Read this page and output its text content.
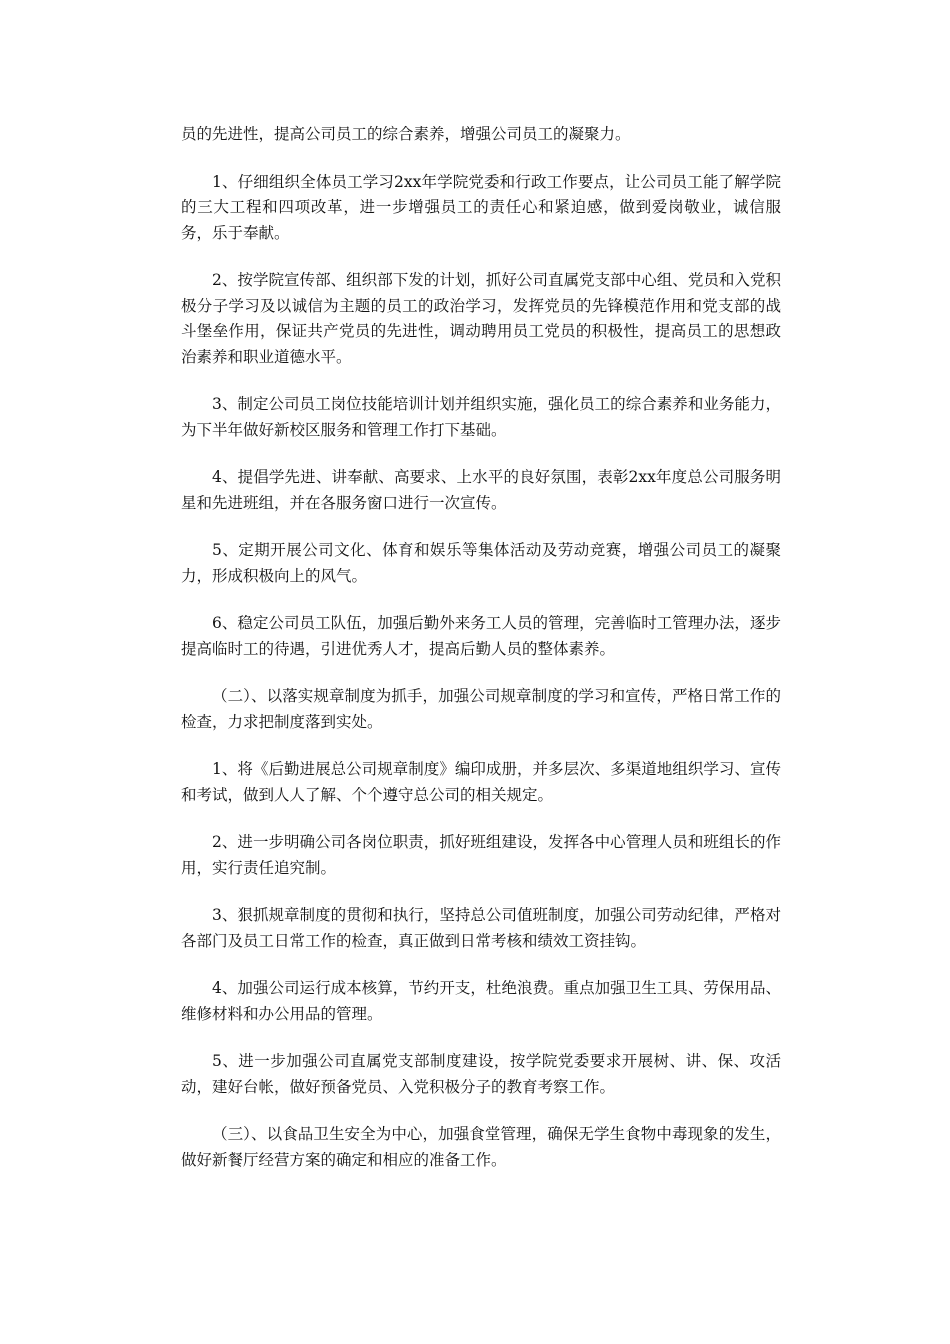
员的先进性，提高公司员工的综合素养，增强公司员工的凝聚力。

1、仔细组织全体员工学习2xx年学院党委和行政工作要点，让公司员工能了解学院的三大工程和四项改革，进一步增强员工的责任心和紧迫感，做到爱岗敬业，诚信服务，乐于奉献。

2、按学院宣传部、组织部下发的计划，抓好公司直属党支部中心组、党员和入党积极分子学习及以诚信为主题的员工的政治学习，发挥党员的先锋模范作用和党支部的战斗堡垒作用，保证共产党员的先进性，调动聘用员工党员的积极性，提高员工的思想政治素养和职业道德水平。

3、制定公司员工岗位技能培训计划并组织实施，强化员工的综合素养和业务能力，为下半年做好新校区服务和管理工作打下基础。

4、提倡学先进、讲奉献、高要求、上水平的良好氛围，表彰2xx年度总公司服务明星和先进班组，并在各服务窗口进行一次宣传。

5、定期开展公司文化、体育和娱乐等集体活动及劳动竞赛，增强公司员工的凝聚力，形成积极向上的风气。

6、稳定公司员工队伍，加强后勤外来务工人员的管理，完善临时工管理办法，逐步提高临时工的待遇，引进优秀人才，提高后勤人员的整体素养。

（二）、以落实规章制度为抓手，加强公司规章制度的学习和宣传，严格日常工作的检查，力求把制度落到实处。

1、将《后勤进展总公司规章制度》编印成册，并多层次、多渠道地组织学习、宣传和考试，做到人人了解、个个遵守总公司的相关规定。

2、进一步明确公司各岗位职责，抓好班组建设，发挥各中心管理人员和班组长的作用，实行责任追究制。

3、狠抓规章制度的贯彻和执行，坚持总公司值班制度，加强公司劳动纪律，严格对各部门及员工日常工作的检查，真正做到日常考核和绩效工资挂钩。

4、加强公司运行成本核算，节约开支，杜绝浪费。重点加强卫生工具、劳保用品、维修材料和办公用品的管理。

5、进一步加强公司直属党支部制度建设，按学院党委要求开展树、讲、保、攻活动，建好台帐，做好预备党员、入党积极分子的教育考察工作。

（三）、以食品卫生安全为中心，加强食堂管理，确保无学生食物中毒现象的发生，做好新餐厅经营方案的确定和相应的准备工作。
